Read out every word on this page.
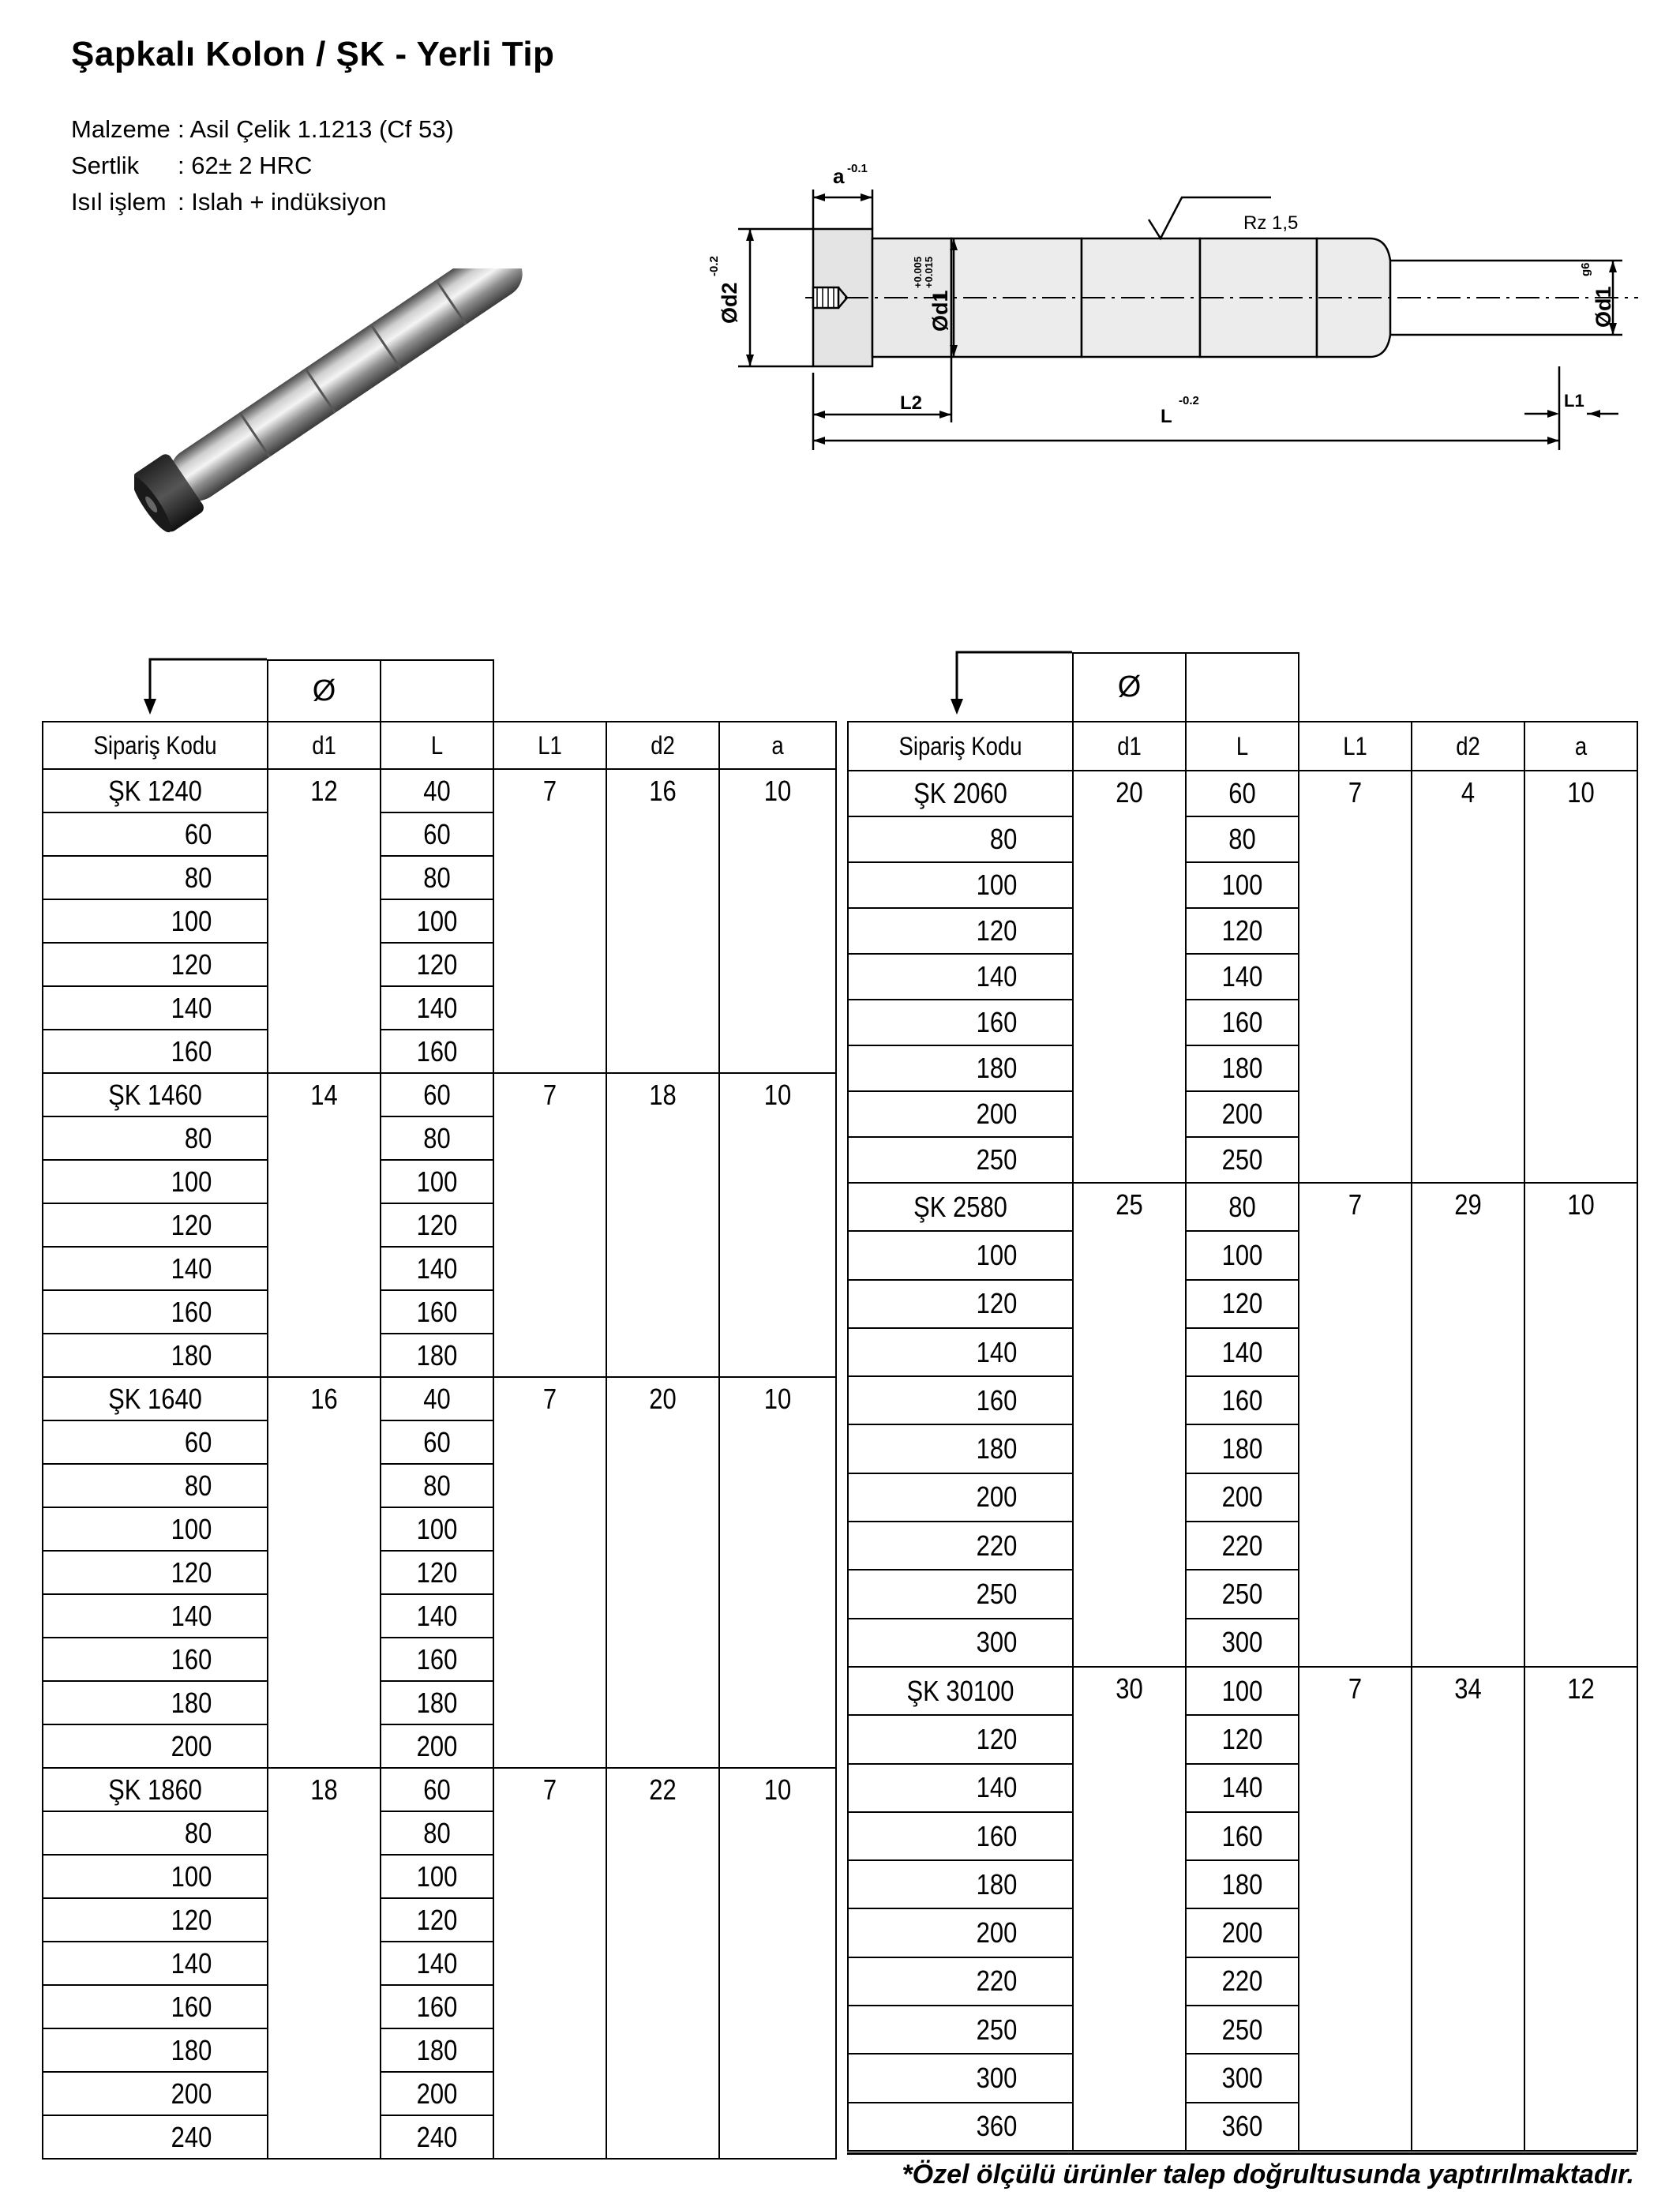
Şapkalı Kolon / ŞK - Yerli Tip
Malzeme : Asil Çelik 1.1213 (Cf 53)
Sertlik : 62± 2 HRC
Isıl işlem : Islah + indüksiyon
a -0.1
Rz 1,5
Ød2
-0.2
Ød1
+0.005 +0.015
Ød1
g6
L2
L
-0.2	L1
	Ø				
Sipariş Kodu	d1	L	L1	d2	a
ŞK 1240	12	40	7	16	10
60		60			
80		80			
100		100			
120		120			
140		140			
160		160			
ŞK 1460	14	60	7	18	10
80		80			
100		100			
120		120			
140		140			
160		160			
180		180			
ŞK 1640	16	40	7	20	10
60		60			
80		80			
100		100			
120		120			
140		140			
160		160			
180		180			
200		200			
ŞK 1860	18	60	7	22	10
80		80			
100		100			
120		120			
140		140			
160		160			
180		180			
200		200			
240		240			
	Ø				
Sipariş Kodu	d1	L	L1	d2	a
ŞK 2060	20	60	7	4	10
80		80			
100		100			
120		120			
140		140			
160		160			
180		180			
200		200			
250		250			
ŞK 2580	25	80	7	29	10
100		100			
120		120			
140		140			
160		160			
180		180			
200		200			
220		220			
250		250			
300		300			
ŞK 30100	30	100	7	34	12
120		120			
140		140			
160		160			
180		180			
200		200			
220		220			
250		250			
300		300			
360		360			
*Özel ölçülü ürünler talep doğrultusunda yaptırılmaktadır.
